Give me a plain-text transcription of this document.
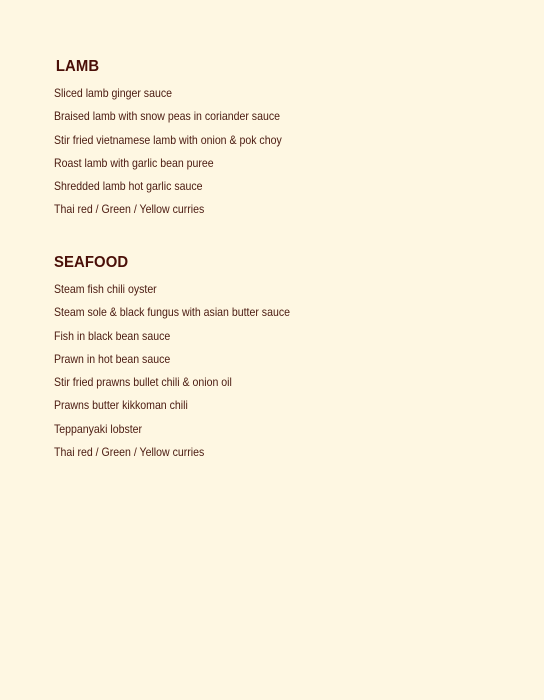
LAMB
Sliced lamb ginger sauce
Braised lamb with snow peas in coriander sauce
Stir fried vietnamese lamb with onion & pok choy
Roast lamb with garlic bean puree
Shredded lamb hot garlic sauce
Thai red / Green / Yellow curries
SEAFOOD
Steam fish chili oyster
Steam sole & black fungus with asian butter sauce
Fish in black bean sauce
Prawn in hot bean sauce
Stir fried prawns bullet chili & onion oil
Prawns butter kikkoman chili
Teppanyaki lobster
Thai red / Green / Yellow curries
